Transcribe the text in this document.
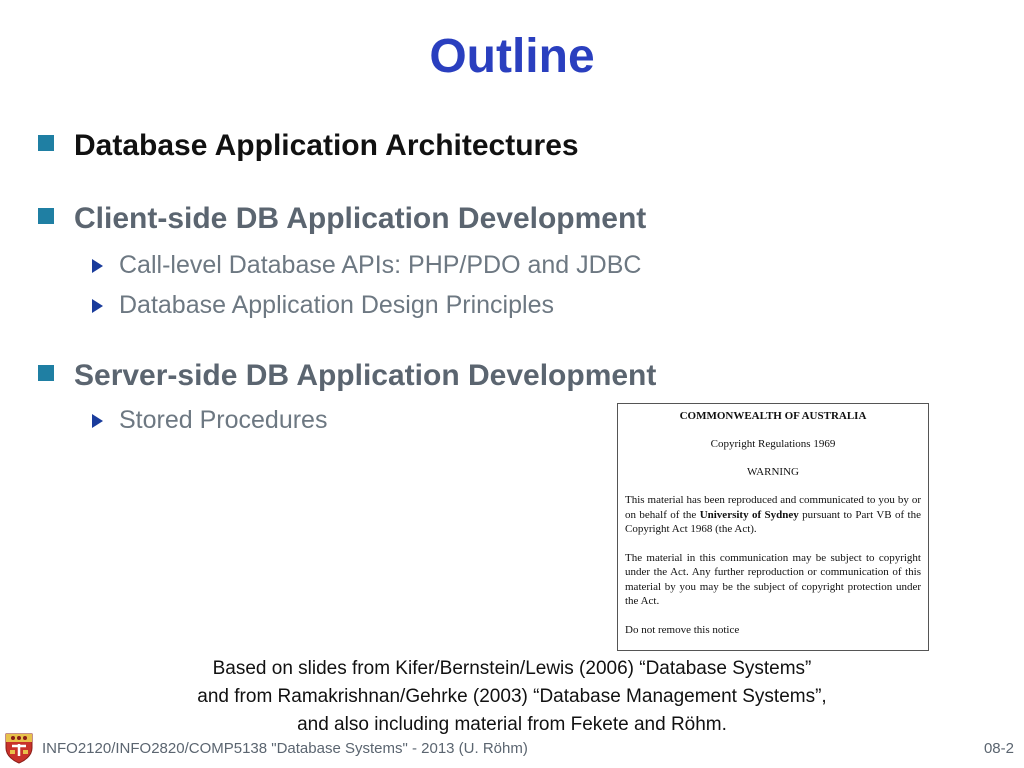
Outline
Database Application Architectures
Client-side DB Application Development
Call-level Database APIs: PHP/PDO and JDBC
Database Application Design Principles
Server-side DB Application Development
Stored Procedures	COMMONWEALTH OF AUSTRALIA
Copyright Regulations 1969
WARNING
This material has been reproduced and communicated to you by or on behalf of the University of Sydney pursuant to Part VB of the Copyright Act 1968 (the Act).
The material in this communication may be subject to copyright under the Act. Any further reproduction or communication of this material by you may be the subject of copyright protection under the Act.
Do not remove this notice
Based on slides from Kifer/Bernstein/Lewis (2006) “Database Systems”
and from Ramakrishnan/Gehrke (2003) “Database Management Systems”,
and also including material from Fekete and Röhm.
INFO2120/INFO2820/COMP5138 "Database Systems" - 2013 (U. Röhm)	08-2
